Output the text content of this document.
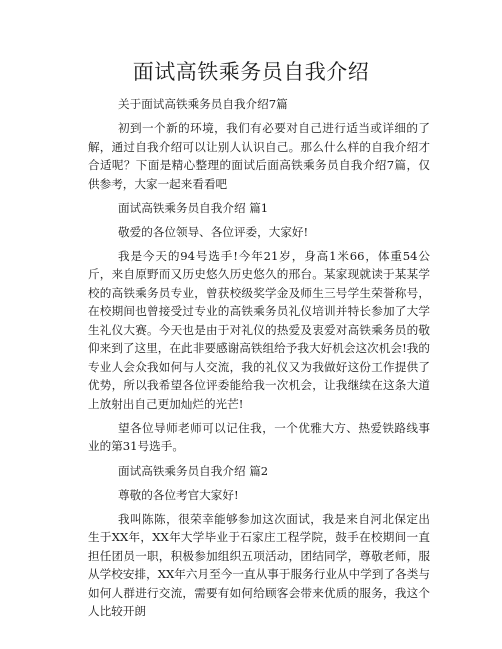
面试高铁乘务员自我介绍

关于面试高铁乘务员自我介绍7篇

初到一个新的环境，我们有必要对自己进行适当或详细的了解，通过自我介绍可以让别人认识自己。那么什么样的自我介绍才合适呢？下面是精心整理的面试后面高铁乘务员自我介绍7篇，仅供参考，大家一起来看看吧

面试高铁乘务员自我介绍 篇1

敬爱的各位领导、各位评委，大家好!

我是今天的94号选手!今年21岁，身高1米66，体重54公斤，来自原野而又历史悠久历史悠久的邢台。某家现就读于某某学校的高铁乘务员专业，曾获校级奖学金及师生三号学生荣誉称号，在校期间也曾接受过专业的高铁乘务员礼仪培训并特长参加了大学生礼仪大赛。今天也是由于对礼仪的热爱及衷爱对高铁乘务员的敬仰来到了这里，在此非要感谢高铁组给予我大好机会这次机会!我的专业人会众我如何与人交流，我的礼仪又为我做好这份工作提供了优势，所以我希望各位评委能给我一次机会，让我继续在这条大道上放射出自己更加灿烂的光芒!

望各位导师老师可以记住我，一个优雅大方、热爱铁路线事业的第31号选手。

面试高铁乘务员自我介绍 篇2

尊敬的各位考官大家好!

我叫陈陈，很荣幸能够参加这次面试，我是来自河北保定出生于XX年，XX年大学毕业于石家庄工程学院，鼓手在校期间一直担任团员一职，积极参加组织五项活动，团结同学，尊敬老师，服从学校安排，XX年六月至今一直从事于服务行业从中学到了各类与如何人群进行交流，需要有如何给顾客会带来优质的服务，我这个人比较开朗
